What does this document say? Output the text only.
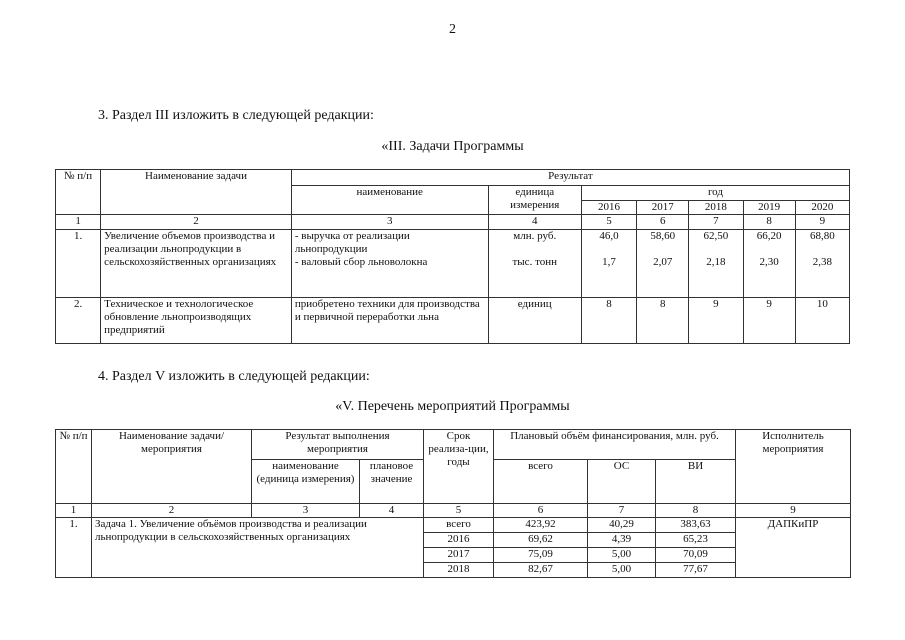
2
3. Раздел III изложить в следующей редакции:
«III. Задачи Программы
№ п/п	Наименование задачи	Результат						
		наименование	единица измерения	год				
				2016	2017	2018	2019	2020
1	2	3	4	5	6	7	8	9
1.	Увеличение объемов производства и реализации льнопродукции в сельскохозяйственных организациях	- выручка от реализации льнопродукции	млн. руб.	46,0	58,60	62,50	66,20	68,80
		- валовый сбор льноволокна	тыс. тонн	1,7	2,07	2,18	2,30	2,38
2.	Техническое и технологическое обновление льнопроизводящих предприятий	приобретено техники для производства и первичной переработки льна	единиц	8	8	9	9	10
4. Раздел V изложить в следующей редакции:
«V. Перечень мероприятий Программы
№ п/п	Наименование задачи/ мероприятия	Результат выполнения мероприятия		Срок реализа-ции, годы	Плановый объём финансирования, млн. руб.			Исполнитель мероприятия
		наименование (единица измерения)	плановое значение		всего	ОС	ВИ	
1	2	3	4	5	6	7	8	9
1.	Задача 1. Увеличение объёмов производства и реализации льнопродукции в сельскохозяйственных организациях			всего	423,92	40,29	383,63	ДАПКиПР
				2016	69,62	4,39	65,23	
				2017	75,09	5,00	70,09	
				2018	82,67	5,00	77,67	
